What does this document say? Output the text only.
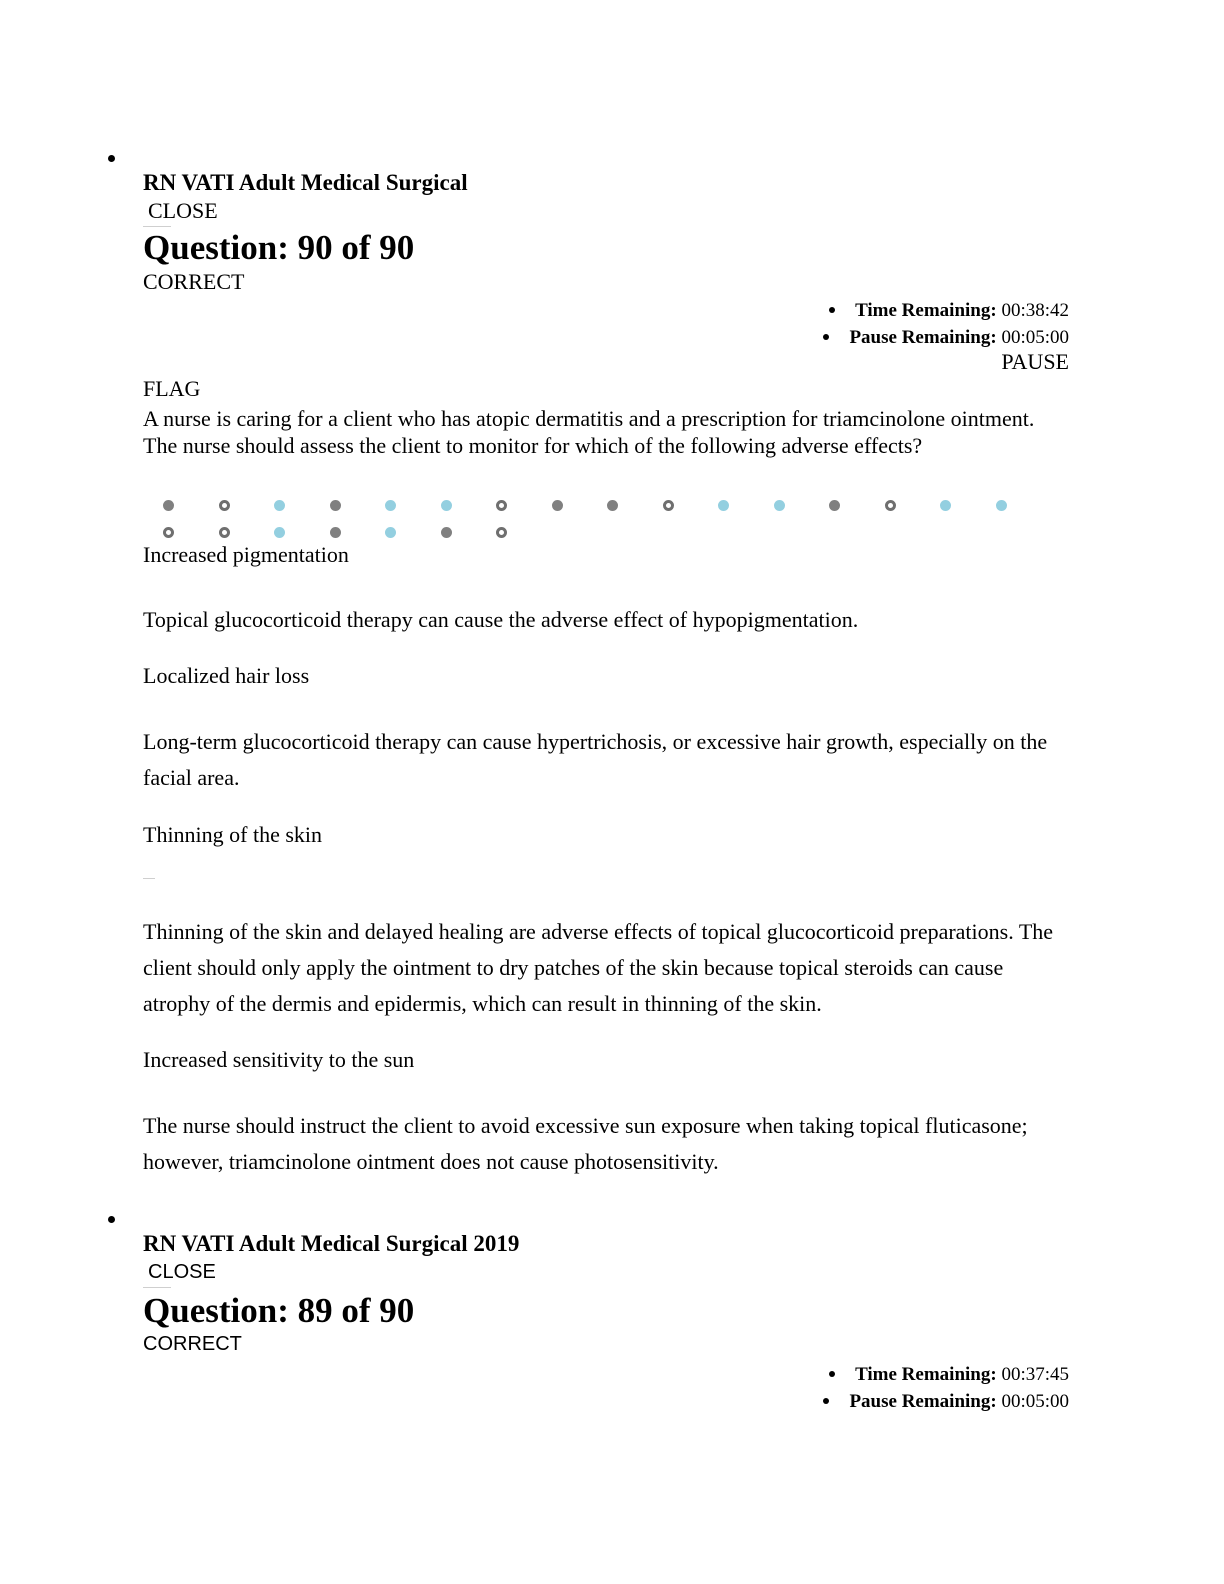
RN VATI Adult Medical Surgical
CLOSE
Question: 90 of 90
CORRECT
Time Remaining: 00:38:42
Pause Remaining: 00:05:00
PAUSE
FLAG
A nurse is caring for a client who has atopic dermatitis and a prescription for triamcinolone ointment. The nurse should assess the client to monitor for which of the following adverse effects?
Increased pigmentation
Topical glucocorticoid therapy can cause the adverse effect of hypopigmentation.
Localized hair loss
Long-term glucocorticoid therapy can cause hypertrichosis, or excessive hair growth, especially on the facial area.
Thinning of the skin
Thinning of the skin and delayed healing are adverse effects of topical glucocorticoid preparations. The client should only apply the ointment to dry patches of the skin because topical steroids can cause atrophy of the dermis and epidermis, which can result in thinning of the skin.
Increased sensitivity to the sun
The nurse should instruct the client to avoid excessive sun exposure when taking topical fluticasone; however, triamcinolone ointment does not cause photosensitivity.
RN VATI Adult Medical Surgical 2019
CLOSE
Question: 89 of 90
CORRECT
Time Remaining: 00:37:45
Pause Remaining: 00:05:00
